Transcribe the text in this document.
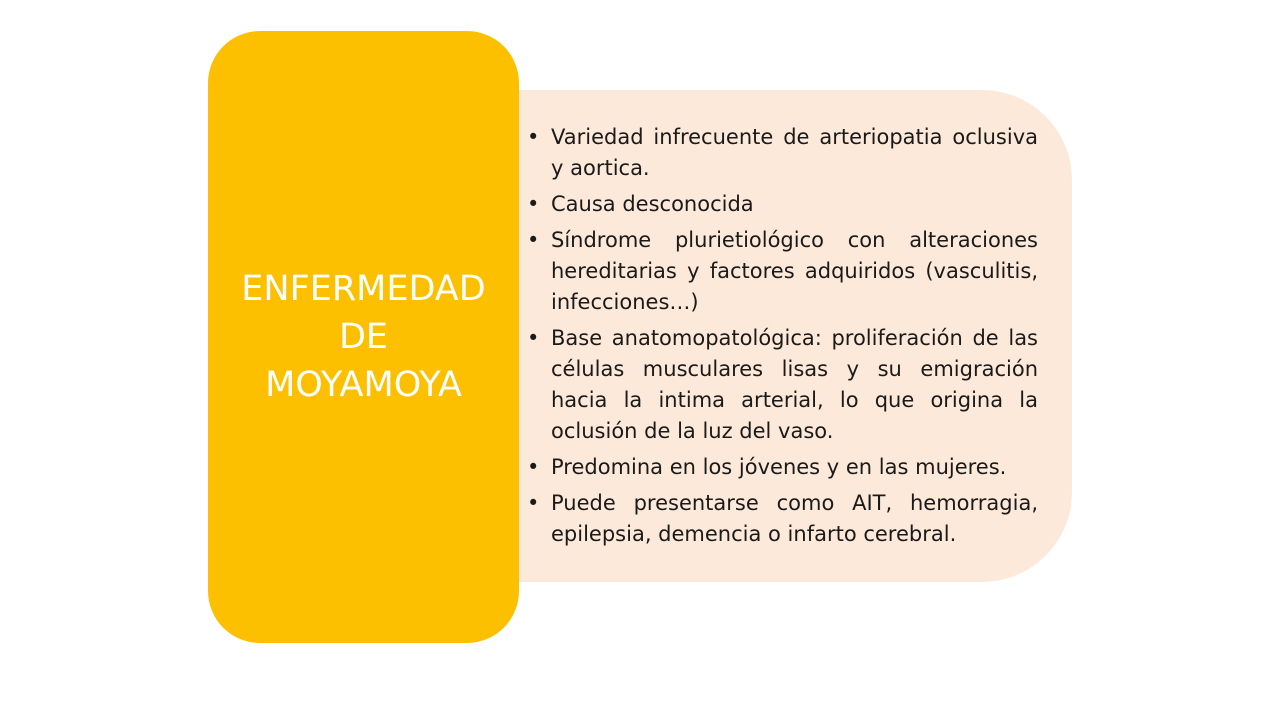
• Variedad infrecuente de arteriopatia oclusiva y aortica.
• Causa desconocida
• Síndrome plurietiológico con alteraciones hereditarias y factores adquiridos (vasculitis, infecciones…)
• Base anatomopatológica: proliferación de las células musculares lisas y su emigración hacia la intima arterial, lo que origina la oclusión de la luz del vaso.
• Predomina en los jóvenes y en las mujeres.
• Puede presentarse como AIT, hemorragia, epilepsia, demencia o infarto cerebral.

ENFERMEDAD
DE
MOYAMOYA
